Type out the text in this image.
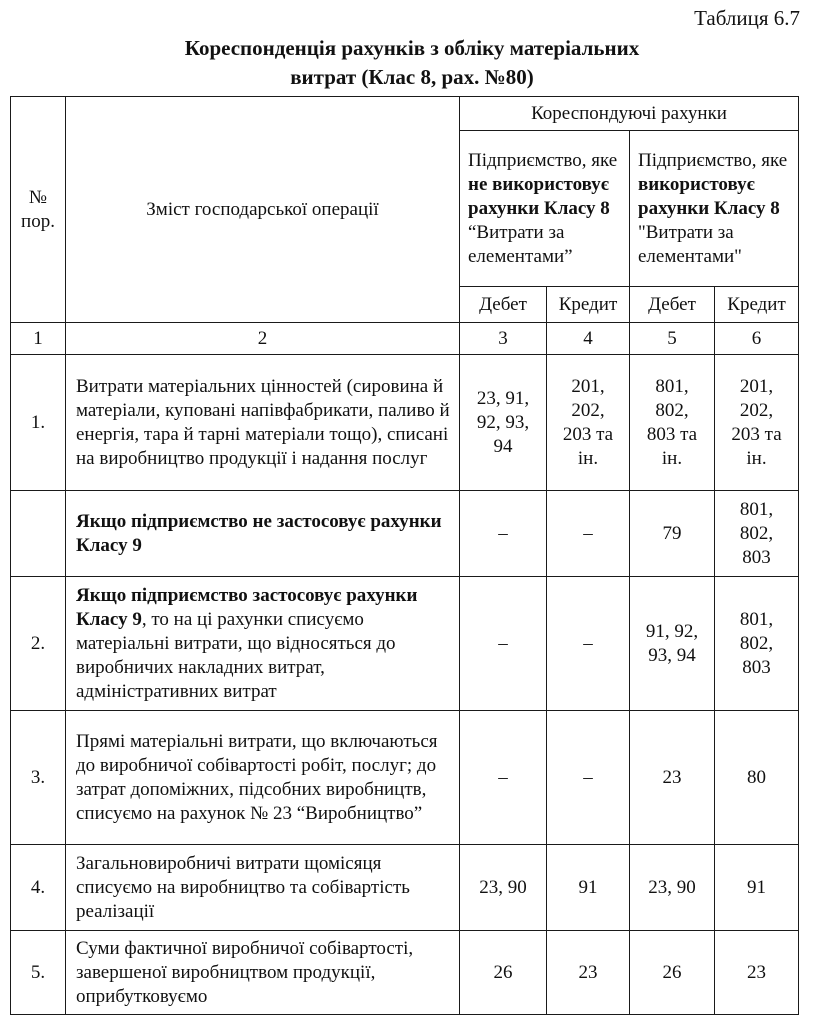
Таблиця 6.7
Кореспонденція рахунків з обліку матеріальних
витрат (Клас 8, рах. №80)
№
пор.	Зміст господарської операції	Кореспондуючі рахунки			
		Підприємство, яке не використовує рахунки Класу 8 “Витрати за елементами”		Підприємство, яке використовує рахунки Класу 8 "Витрати за елементами"	
		Дебет	Кредит	Дебет	Кредит
1	2	3	4	5	6
1.	Витрати матеріальних цінностей (сировина й матеріали, куповані напівфабрикати, паливо й енергія, тара й тарні матеріали тощо), списані на виробництво продукції і надання послуг	23, 91,
92, 93,
94	201,
202,
203 та
ін.	801,
802,
803 та
ін.	201,
202,
203 та
ін.

	Якщо підприємство не застосовує рахунки Класу 9	–	–	79	801,
802,
803

2.	Якщо підприємство застосовує рахунки Класу 9, то на ці рахунки списуємо матеріальні витрати, що відносяться до виробничих накладних витрат, адміністративних витрат	–	–	91, 92,
93, 94	801,
802,
803

3.	Прямі матеріальні витрати, що включаються до виробничої собівартості робіт, послуг; до затрат допоміжних, підсобних виробництв, списуємо на рахунок № 23 “Виробництво”	–	–	23	80
4.	Загальновиробничі витрати щомісяця списуємо на виробництво та собівартість реалізації	23, 90	91	23, 90	91
5.	Суми фактичної виробничої собівартості, завершеної виробництвом продукції, оприбутковуємо	26	23	26	23
